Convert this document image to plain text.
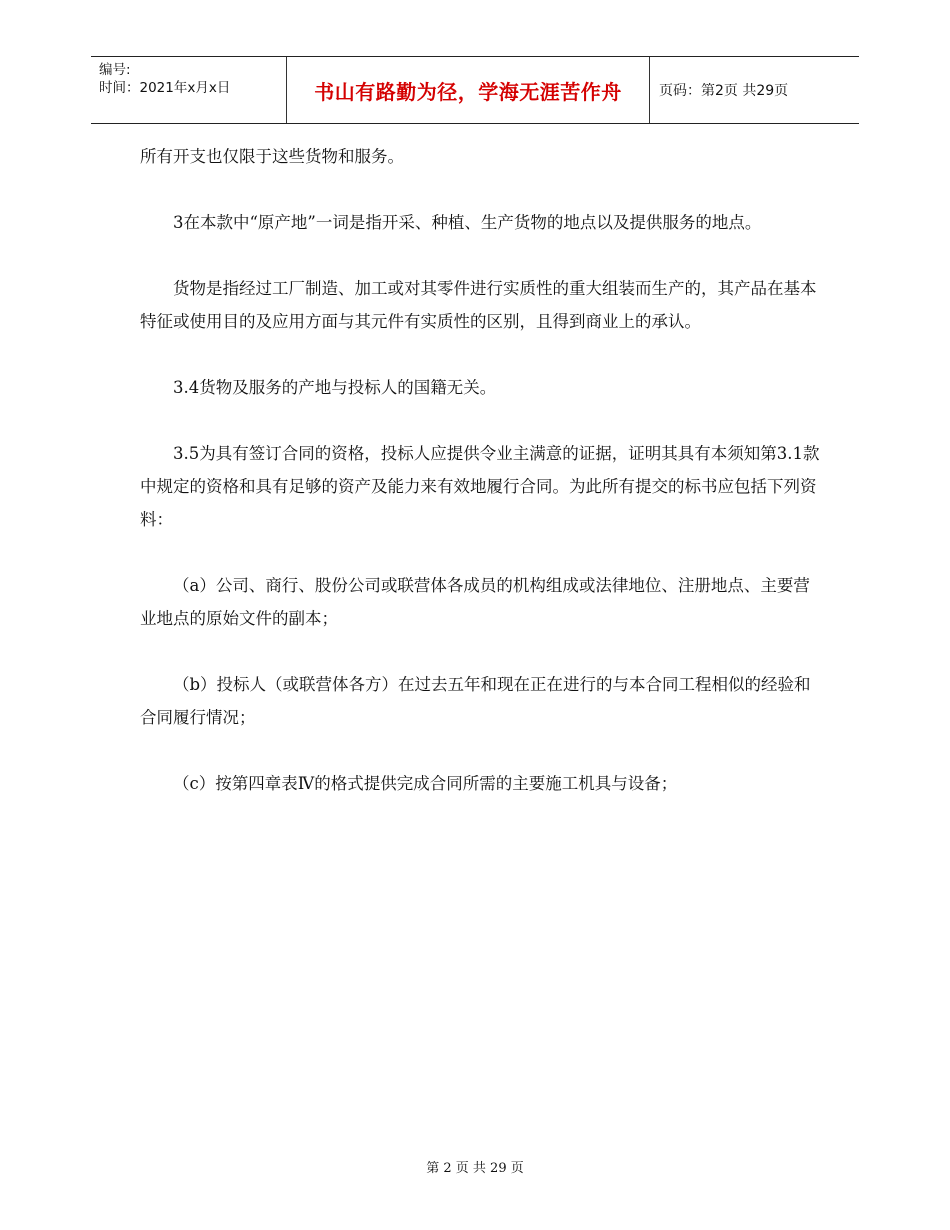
编号:
时间：2021年x月x日	书山有路勤为径，学海无涯苦作舟	页码：第2页 共29页

所有开支也仅限于这些货物和服务。

3在本款中“原产地”一词是指开采、种植、生产货物的地点以及提供服务的地点。

货物是指经过工厂制造、加工或对其零件进行实质性的重大组装而生产的，其产品在基本特征或使用目的及应用方面与其元件有实质性的区别，且得到商业上的承认。

3.4货物及服务的产地与投标人的国籍无关。

3.5为具有签订合同的资格，投标人应提供令业主满意的证据，证明其具有本须知第3.1款中规定的资格和具有足够的资产及能力来有效地履行合同。为此所有提交的标书应包括下列资料：

（a）公司、商行、股份公司或联营体各成员的机构组成或法律地位、注册地点、主要营业地点的原始文件的副本；

（b）投标人（或联营体各方）在过去五年和现在正在进行的与本合同工程相似的经验和合同履行情况；

（c）按第四章表Ⅳ的格式提供完成合同所需的主要施工机具与设备；

第 2 页 共 29 页
